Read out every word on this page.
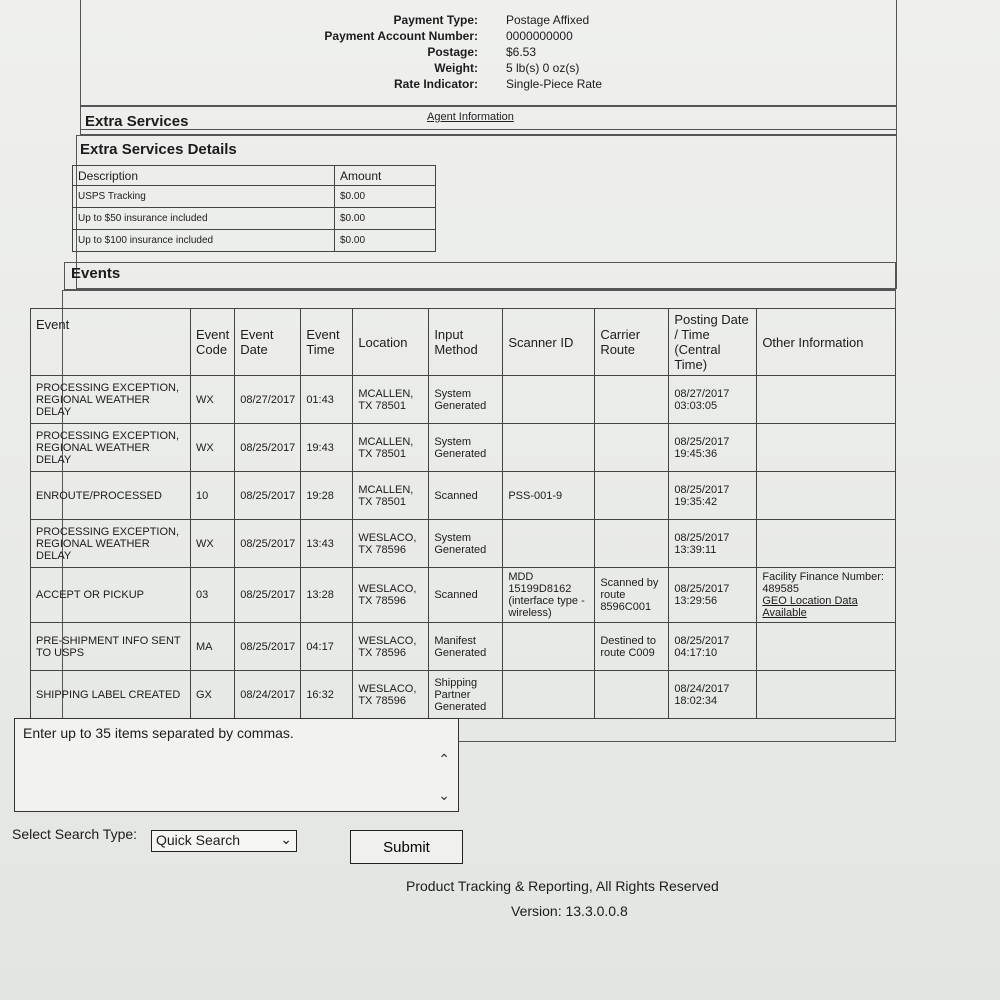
Payment Type: Postage Affixed
Payment Account Number: 0000000000
Postage: $6.53
Weight: 5 lb(s) 0 oz(s)
Rate Indicator: Single-Piece Rate
Agent Information
Extra Services
Extra Services Details
Description	Amount
USPS Tracking	$0.00
Up to $50 insurance included	$0.00
Up to $100 insurance included	$0.00
Events
Event	Event Code	Event Date	Event Time	Location	Input Method	Scanner ID	Carrier Route	Posting Date / Time (Central Time)	Other Information
PROCESSING EXCEPTION, REGIONAL WEATHER DELAY	WX	08/27/2017	01:43	MCALLEN, TX 78501	System Generated			08/27/2017 03:03:05	
PROCESSING EXCEPTION, REGIONAL WEATHER DELAY	WX	08/25/2017	19:43	MCALLEN, TX 78501	System Generated			08/25/2017 19:45:36	
ENROUTE/PROCESSED	10	08/25/2017	19:28	MCALLEN, TX 78501	Scanned	PSS-001-9		08/25/2017 19:35:42	
PROCESSING EXCEPTION, REGIONAL WEATHER DELAY	WX	08/25/2017	13:43	WESLACO, TX 78596	System Generated			08/25/2017 13:39:11	
ACCEPT OR PICKUP	03	08/25/2017	13:28	WESLACO, TX 78596	Scanned	MDD 15199D8162 (interface type - wireless)	Scanned by route 8596C001	08/25/2017 13:29:56	Facility Finance Number: 489585
GEO Location Data Available
PRE-SHIPMENT INFO SENT TO USPS	MA	08/25/2017	04:17	WESLACO, TX 78596	Manifest Generated		Destined to route C009	08/25/2017 04:17:10	
SHIPPING LABEL CREATED	GX	08/24/2017	16:32	WESLACO, TX 78596	Shipping Partner Generated			08/24/2017 18:02:34	
Enter up to 35 items separated by commas.
⌃
⌄
Select Search Type:	Quick Search	⌄	Submit
Product Tracking & Reporting, All Rights Reserved
Version: 13.3.0.0.8
